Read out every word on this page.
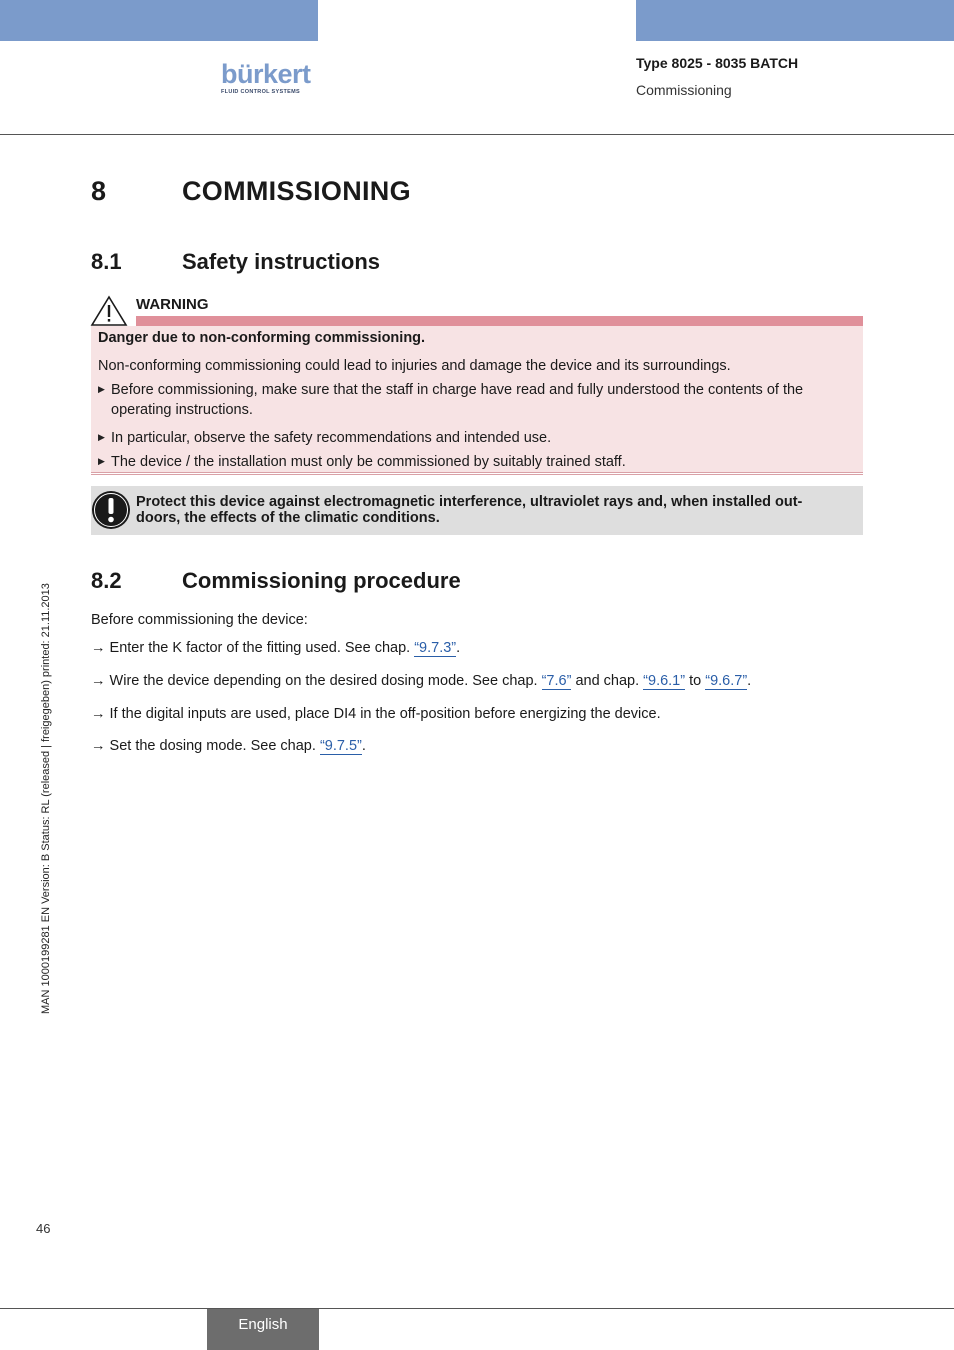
bürkert
FLUID CONTROL SYSTEMS
Type 8025 - 8035 BATCH
Commissioning
8	COMMISSIONING
8.1	Safety instructions
WARNING
Danger due to non-conforming commissioning.
Non-conforming commissioning could lead to injuries and damage the device and its surroundings.
▶ Before commissioning, make sure that the staff in charge have read and fully understood the contents of the
operating instructions.
▶ In particular, observe the safety recommendations and intended use.
▶ The device / the installation must only be commissioned by suitably trained staff.
Protect this device against electromagnetic interference, ultraviolet rays and, when installed out-
doors, the effects of the climatic conditions.
8.2	Commissioning procedure
Before commissioning the device:
→ Enter the K factor of the fitting used. See chap. “9.7.3”.
→ Wire the device depending on the desired dosing mode. See chap. “7.6” and chap. “9.6.1” to “9.6.7”.
→ If the digital inputs are used, place DI4 in the off-position before energizing the device.
→ Set the dosing mode. See chap. “9.7.5”.
MAN 1000199281 EN Version: B Status: RL (released | freigegeben) printed: 21.11.2013
46
English
